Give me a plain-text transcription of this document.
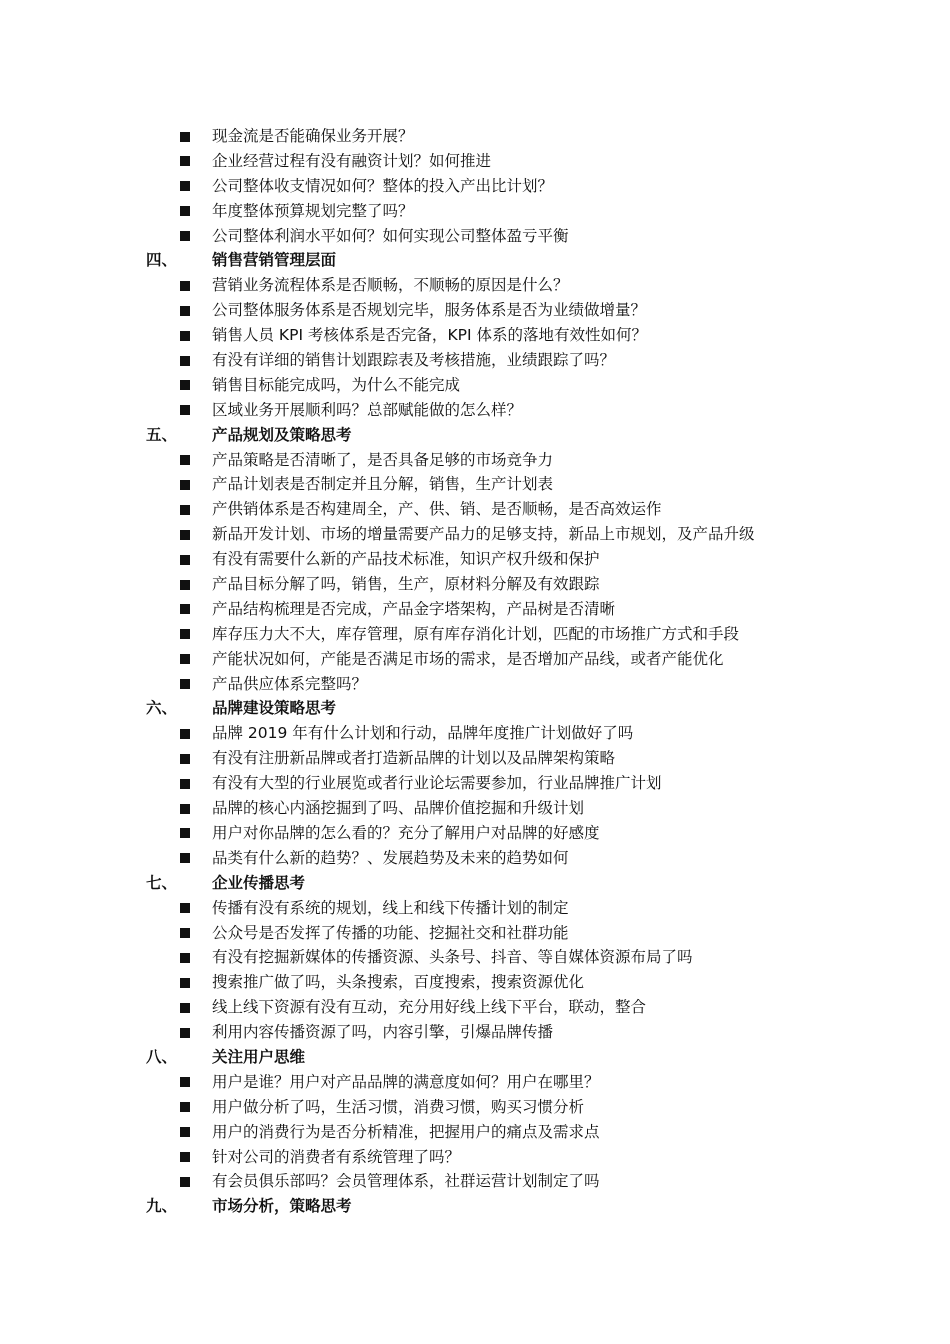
现金流是否能确保业务开展？
企业经营过程有没有融资计划？如何推进
公司整体收支情况如何？整体的投入产出比计划？
年度整体预算规划完整了吗？
公司整体利润水平如何？如何实现公司整体盈亏平衡
四、 销售营销管理层面
营销业务流程体系是否顺畅，不顺畅的原因是什么？
公司整体服务体系是否规划完毕，服务体系是否为业绩做增量？
销售人员 KPI 考核体系是否完备，KPI 体系的落地有效性如何？
有没有详细的销售计划跟踪表及考核措施，业绩跟踪了吗？
销售目标能完成吗，为什么不能完成
区域业务开展顺利吗？总部赋能做的怎么样？
五、 产品规划及策略思考
产品策略是否清晰了，是否具备足够的市场竞争力
产品计划表是否制定并且分解，销售，生产计划表
产供销体系是否构建周全，产、供、销、是否顺畅，是否高效运作
新品开发计划、市场的增量需要产品力的足够支持，新品上市规划，及产品升级
有没有需要什么新的产品技术标准，知识产权升级和保护
产品目标分解了吗，销售，生产，原材料分解及有效跟踪
产品结构梳理是否完成，产品金字塔架构，产品树是否清晰
库存压力大不大，库存管理，原有库存消化计划，匹配的市场推广方式和手段
产能状况如何，产能是否满足市场的需求，是否增加产品线，或者产能优化
产品供应体系完整吗？
六、 品牌建设策略思考
品牌 2019 年有什么计划和行动，品牌年度推广计划做好了吗
有没有注册新品牌或者打造新品牌的计划以及品牌架构策略
有没有大型的行业展览或者行业论坛需要参加，行业品牌推广计划
品牌的核心内涵挖掘到了吗、品牌价值挖掘和升级计划
用户对你品牌的怎么看的？充分了解用户对品牌的好感度
品类有什么新的趋势？、发展趋势及未来的趋势如何
七、 企业传播思考
传播有没有系统的规划，线上和线下传播计划的制定
公众号是否发挥了传播的功能、挖掘社交和社群功能
有没有挖掘新媒体的传播资源、头条号、抖音、等自媒体资源布局了吗
搜索推广做了吗，头条搜索，百度搜索，搜索资源优化
线上线下资源有没有互动，充分用好线上线下平台，联动，整合
利用内容传播资源了吗，内容引擎，引爆品牌传播
八、 关注用户思维
用户是谁？用户对产品品牌的满意度如何？用户在哪里？
用户做分析了吗，生活习惯，消费习惯，购买习惯分析
用户的消费行为是否分析精准，把握用户的痛点及需求点
针对公司的消费者有系统管理了吗？
有会员俱乐部吗？会员管理体系，社群运营计划制定了吗
九、 市场分析，策略思考
